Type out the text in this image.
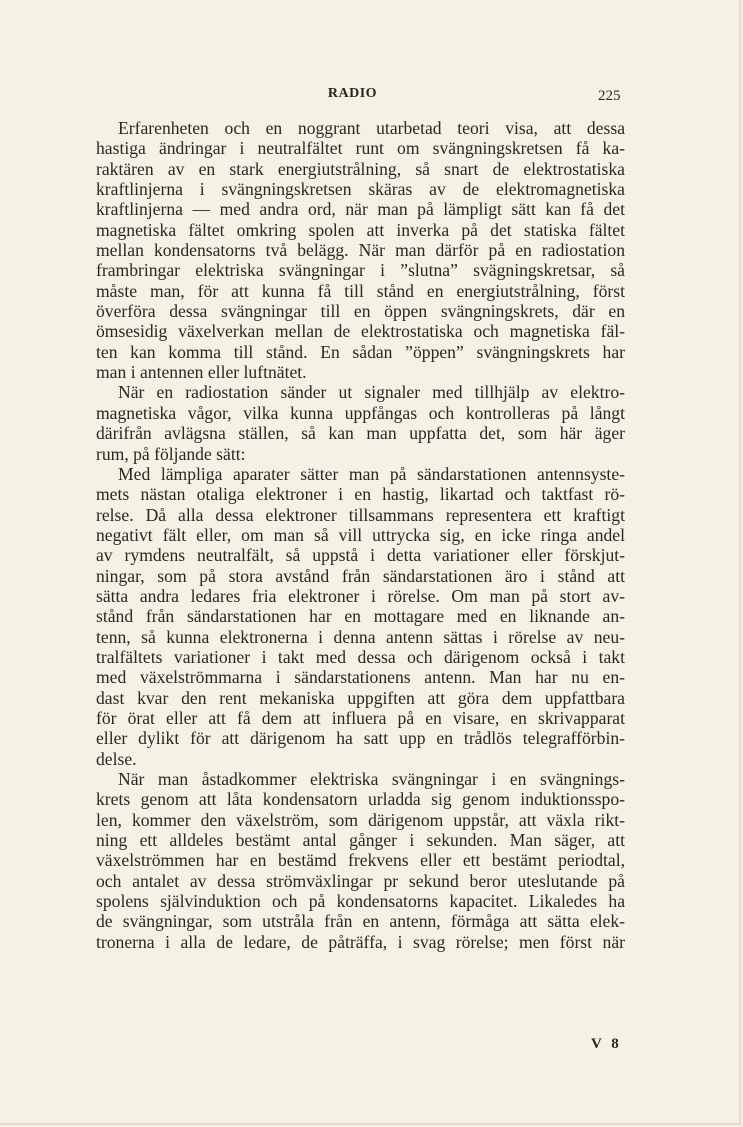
RADIO	225
Erfarenheten och en noggrant utarbetad teori visa, att dessa
hastiga ändringar i neutralfältet runt om svängningskretsen få ka-
raktären av en stark energiutstrålning, så snart de elektrostatiska
kraftlinjerna i svängningskretsen skäras av de elektromagnetiska
kraftlinjerna — med andra ord, när man på lämpligt sätt kan få det
magnetiska fältet omkring spolen att inverka på det statiska fältet
mellan kondensatorns två belägg. När man därför på en radiostation
frambringar elektriska svängningar i ”slutna” svägningskretsar, så
måste man, för att kunna få till stånd en energiutstrålning, först
överföra dessa svängningar till en öppen svängningskrets, där en
ömsesidig växelverkan mellan de elektrostatiska och magnetiska fäl-
ten kan komma till stånd. En sådan ”öppen” svängningskrets har
man i antennen eller luftnätet.
När en radiostation sänder ut signaler med tillhjälp av elektro-
magnetiska vågor, vilka kunna uppfångas och kontrolleras på långt
därifrån avlägsna ställen, så kan man uppfatta det, som här äger
rum, på följande sätt:
Med lämpliga aparater sätter man på sändarstationen antennsyste-
mets nästan otaliga elektroner i en hastig, likartad och taktfast rö-
relse. Då alla dessa elektroner tillsammans representera ett kraftigt
negativt fält eller, om man så vill uttrycka sig, en icke ringa andel
av rymdens neutralfält, så uppstå i detta variationer eller förskjut-
ningar, som på stora avstånd från sändarstationen äro i stånd att
sätta andra ledares fria elektroner i rörelse. Om man på stort av-
stånd från sändarstationen har en mottagare med en liknande an-
tenn, så kunna elektronerna i denna antenn sättas i rörelse av neu-
tralfältets variationer i takt med dessa och därigenom också i takt
med växelströmmarna i sändarstationens antenn. Man har nu en-
dast kvar den rent mekaniska uppgiften att göra dem uppfattbara
för örat eller att få dem att influera på en visare, en skrivapparat
eller dylikt för att därigenom ha satt upp en trådlös telegrafförbin-
delse.
När man åstadkommer elektriska svängningar i en svängnings-
krets genom att låta kondensatorn urladda sig genom induktionsspo-
len, kommer den växelström, som därigenom uppstår, att växla rikt-
ning ett alldeles bestämt antal gånger i sekunden. Man säger, att
växelströmmen har en bestämd frekvens eller ett bestämt periodtal,
och antalet av dessa strömväxlingar pr sekund beror uteslutande på
spolens självinduktion och på kondensatorns kapacitet. Likaledes ha
de svängningar, som utstråla från en antenn, förmåga att sätta elek-
tronerna i alla de ledare, de påträffa, i svag rörelse; men först när
V 8
